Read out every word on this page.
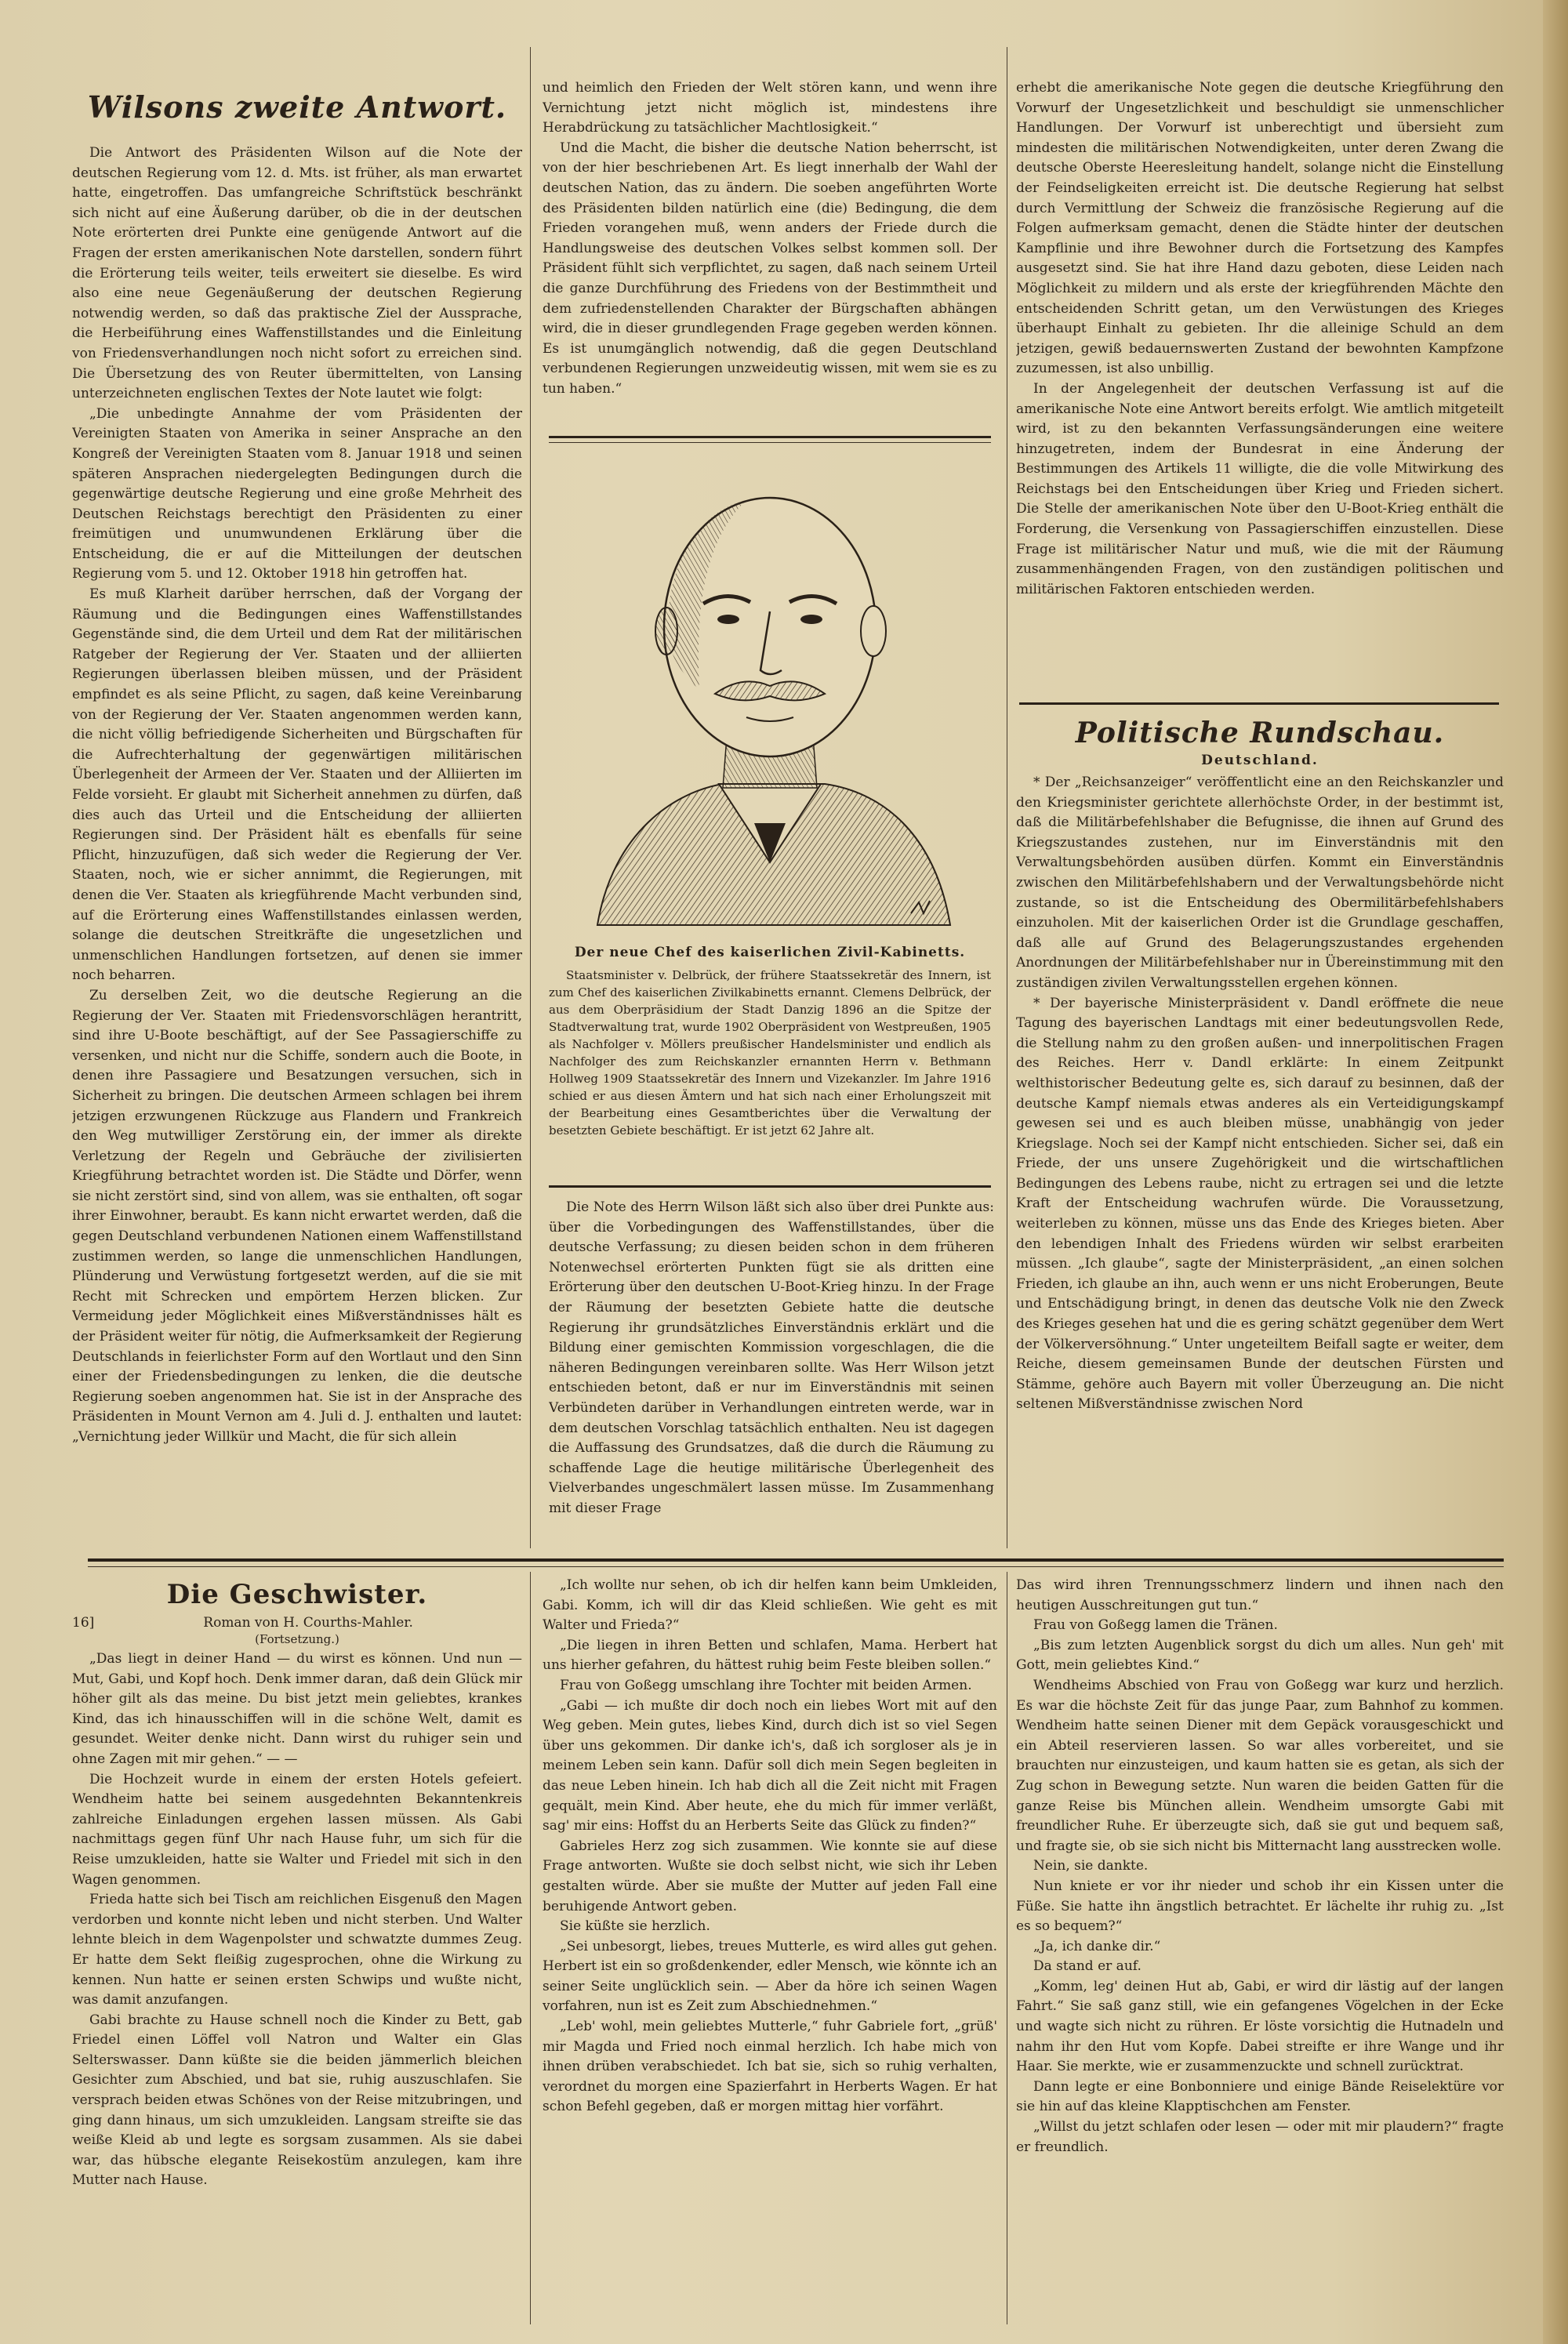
Wilsons zweite Antwort.

Die Antwort des Präsidenten Wilson auf die Note der deutschen Regierung vom 12. d. Mts. ist früher, als man erwartet hatte, eingetroffen. Das umfangreiche Schriftstück beschränkt sich nicht auf eine Äußerung darüber, ob die in der deutschen Note erörterten drei Punkte eine genügende Antwort auf die Fragen der ersten amerikanischen Note darstellen, sondern führt die Erörterung teils weiter, teils erweitert sie dieselbe. Es wird also eine neue Gegenäußerung der deutschen Regierung notwendig werden, so daß das praktische Ziel der Aussprache, die Herbeiführung eines Waffenstillstandes und die Einleitung von Friedensverhandlungen noch nicht sofort zu erreichen sind. Die Übersetzung des von Reuter übermittelten, von Lansing unterzeichneten englischen Textes der Note lautet wie folgt:

„Die unbedingte Annahme der vom Präsidenten der Vereinigten Staaten von Amerika in seiner Ansprache an den Kongreß der Vereinigten Staaten vom 8. Januar 1918 und seinen späteren Ansprachen niedergelegten Bedingungen durch die gegenwärtige deutsche Regierung und eine große Mehrheit des Deutschen Reichstags berechtigt den Präsidenten zu einer freimütigen und unumwundenen Erklärung über die Entscheidung, die er auf die Mitteilungen der deutschen Regierung vom 5. und 12. Oktober 1918 hin getroffen hat.

Es muß Klarheit darüber herrschen, daß der Vorgang der Räumung und die Bedingungen eines Waffenstillstandes Gegenstände sind, die dem Urteil und dem Rat der militärischen Ratgeber der Regierung der Ver. Staaten und der alliierten Regierungen überlassen bleiben müssen, und der Präsident empfindet es als seine Pflicht, zu sagen, daß keine Vereinbarung von der Regierung der Ver. Staaten angenommen werden kann, die nicht völlig befriedigende Sicherheiten und Bürgschaften für die Aufrechterhaltung der gegenwärtigen militärischen Überlegenheit der Armeen der Ver. Staaten und der Alliierten im Felde vorsieht. Er glaubt mit Sicherheit annehmen zu dürfen, daß dies auch das Urteil und die Entscheidung der alliierten Regierungen sind. Der Präsident hält es ebenfalls für seine Pflicht, hinzuzufügen, daß sich weder die Regierung der Ver. Staaten, noch, wie er sicher annimmt, die Regierungen, mit denen die Ver. Staaten als kriegführende Macht verbunden sind, auf die Erörterung eines Waffenstillstandes einlassen werden, solange die deutschen Streitkräfte die ungesetzlichen und unmenschlichen Handlungen fortsetzen, auf denen sie immer noch beharren.

Zu derselben Zeit, wo die deutsche Regierung an die Regierung der Ver. Staaten mit Friedensvorschlägen herantritt, sind ihre U-Boote beschäftigt, auf der See Passagierschiffe zu versenken, und nicht nur die Schiffe, sondern auch die Boote, in denen ihre Passagiere und Besatzungen versuchen, sich in Sicherheit zu bringen. Die deutschen Armeen schlagen bei ihrem jetzigen erzwungenen Rückzuge aus Flandern und Frankreich den Weg mutwilliger Zerstörung ein, der immer als direkte Verletzung der Regeln und Gebräuche der zivilisierten Kriegführung betrachtet worden ist. Die Städte und Dörfer, wenn sie nicht zerstört sind, sind von allem, was sie enthalten, oft sogar ihrer Einwohner, beraubt. Es kann nicht erwartet werden, daß die gegen Deutschland verbundenen Nationen einem Waffenstillstand zustimmen werden, so lange die unmenschlichen Handlungen, Plünderung und Verwüstung fortgesetzt werden, auf die sie mit Recht mit Schrecken und empörtem Herzen blicken. Zur Vermeidung jeder Möglichkeit eines Mißverständnisses hält es der Präsident weiter für nötig, die Aufmerksamkeit der Regierung Deutschlands in feierlichster Form auf den Wortlaut und den Sinn einer der Friedensbedingungen zu lenken, die die deutsche Regierung soeben angenommen hat. Sie ist in der Ansprache des Präsidenten in Mount Vernon am 4. Juli d. J. enthalten und lautet: „Vernichtung jeder Willkür und Macht, die für sich allein

und heimlich den Frieden der Welt stören kann, und wenn ihre Vernichtung jetzt nicht möglich ist, mindestens ihre Herabdrückung zu tatsächlicher Machtlosigkeit.“

Und die Macht, die bisher die deutsche Nation beherrscht, ist von der hier beschriebenen Art. Es liegt innerhalb der Wahl der deutschen Nation, das zu ändern. Die soeben angeführten Worte des Präsidenten bilden natürlich eine (die) Bedingung, die dem Frieden vorangehen muß, wenn anders der Friede durch die Handlungsweise des deutschen Volkes selbst kommen soll. Der Präsident fühlt sich verpflichtet, zu sagen, daß nach seinem Urteil die ganze Durchführung des Friedens von der Bestimmtheit und dem zufriedenstellenden Charakter der Bürgschaften abhängen wird, die in dieser grundlegenden Frage gegeben werden können. Es ist unumgänglich notwendig, daß die gegen Deutschland verbundenen Regierungen unzweideutig wissen, mit wem sie es zu tun haben.“

Der neue Chef des kaiserlichen Zivil-Kabinetts.

Staatsminister v. Delbrück, der frühere Staatssekretär des Innern, ist zum Chef des kaiserlichen Zivilkabinetts ernannt. Clemens Delbrück, der aus dem Oberpräsidium der Stadt Danzig 1896 an die Spitze der Stadtverwaltung trat, wurde 1902 Oberpräsident von Westpreußen, 1905 als Nachfolger v. Möllers preußischer Handelsminister und endlich als Nachfolger des zum Reichskanzler ernannten Herrn v. Bethmann Hollweg 1909 Staatssekretär des Innern und Vizekanzler. Im Jahre 1916 schied er aus diesen Ämtern und hat sich nach einer Erholungszeit mit der Bearbeitung eines Gesamtberichtes über die Verwaltung der besetzten Gebiete beschäftigt. Er ist jetzt 62 Jahre alt.

Die Note des Herrn Wilson läßt sich also über drei Punkte aus: über die Vorbedingungen des Waffenstillstandes, über die deutsche Verfassung; zu diesen beiden schon in dem früheren Notenwechsel erörterten Punkten fügt sie als dritten eine Erörterung über den deutschen U-Boot-Krieg hinzu. In der Frage der Räumung der besetzten Gebiete hatte die deutsche Regierung ihr grundsätzliches Einverständnis erklärt und die Bildung einer gemischten Kommission vorgeschlagen, die die näheren Bedingungen vereinbaren sollte. Was Herr Wilson jetzt entschieden betont, daß er nur im Einverständnis mit seinen Verbündeten darüber in Verhandlungen eintreten werde, war in dem deutschen Vorschlag tatsächlich enthalten. Neu ist dagegen die Auffassung des Grundsatzes, daß die durch die Räumung zu schaffende Lage die heutige militärische Überlegenheit des Vielverbandes ungeschmälert lassen müsse. Im Zusammenhang mit dieser Frage

erhebt die amerikanische Note gegen die deutsche Kriegführung den Vorwurf der Ungesetzlichkeit und beschuldigt sie unmenschlicher Handlungen. Der Vorwurf ist unberechtigt und übersieht zum mindesten die militärischen Notwendigkeiten, unter deren Zwang die deutsche Oberste Heeresleitung handelt, solange nicht die Einstellung der Feindseligkeiten erreicht ist. Die deutsche Regierung hat selbst durch Vermittlung der Schweiz die französische Regierung auf die Folgen aufmerksam gemacht, denen die Städte hinter der deutschen Kampflinie und ihre Bewohner durch die Fortsetzung des Kampfes ausgesetzt sind. Sie hat ihre Hand dazu geboten, diese Leiden nach Möglichkeit zu mildern und als erste der kriegführenden Mächte den entscheidenden Schritt getan, um den Verwüstungen des Krieges überhaupt Einhalt zu gebieten. Ihr die alleinige Schuld an dem jetzigen, gewiß bedauernswerten Zustand der bewohnten Kampfzone zuzumessen, ist also unbillig.

In der Angelegenheit der deutschen Verfassung ist auf die amerikanische Note eine Antwort bereits erfolgt. Wie amtlich mitgeteilt wird, ist zu den bekannten Verfassungsänderungen eine weitere hinzugetreten, indem der Bundesrat in eine Änderung der Bestimmungen des Artikels 11 willigte, die die volle Mitwirkung des Reichstags bei den Entscheidungen über Krieg und Frieden sichert. Die Stelle der amerikanischen Note über den U-Boot-Krieg enthält die Forderung, die Versenkung von Passagierschiffen einzustellen. Diese Frage ist militärischer Natur und muß, wie die mit der Räumung zusammenhängenden Fragen, von den zuständigen politischen und militärischen Faktoren entschieden werden.

Politische Rundschau.
Deutschland.

* Der „Reichsanzeiger“ veröffentlicht eine an den Reichskanzler und den Kriegsminister gerichtete allerhöchste Order, in der bestimmt ist, daß die Militärbefehlshaber die Befugnisse, die ihnen auf Grund des Kriegszustandes zustehen, nur im Einverständnis mit den Verwaltungsbehörden ausüben dürfen. Kommt ein Einverständnis zwischen den Militärbefehlshabern und der Verwaltungsbehörde nicht zustande, so ist die Entscheidung des Obermilitärbefehlshabers einzuholen. Mit der kaiserlichen Order ist die Grundlage geschaffen, daß alle auf Grund des Belagerungszustandes ergehenden Anordnungen der Militärbefehlshaber nur in Übereinstimmung mit den zuständigen zivilen Verwaltungsstellen ergehen können.

* Der bayerische Ministerpräsident v. Dandl eröffnete die neue Tagung des bayerischen Landtags mit einer bedeutungsvollen Rede, die Stellung nahm zu den großen außen- und innerpolitischen Fragen des Reiches. Herr v. Dandl erklärte: In einem Zeitpunkt welthistorischer Bedeutung gelte es, sich darauf zu besinnen, daß der deutsche Kampf niemals etwas anderes als ein Verteidigungskampf gewesen sei und es auch bleiben müsse, unabhängig von jeder Kriegslage. Noch sei der Kampf nicht entschieden. Sicher sei, daß ein Friede, der uns unsere Zugehörigkeit und die wirtschaftlichen Bedingungen des Lebens raube, nicht zu ertragen sei und die letzte Kraft der Entscheidung wachrufen würde. Die Voraussetzung, weiterleben zu können, müsse uns das Ende des Krieges bieten. Aber den lebendigen Inhalt des Friedens würden wir selbst erarbeiten müssen. „Ich glaube“, sagte der Ministerpräsident, „an einen solchen Frieden, ich glaube an ihn, auch wenn er uns nicht Eroberungen, Beute und Entschädigung bringt, in denen das deutsche Volk nie den Zweck des Krieges gesehen hat und die es gering schätzt gegenüber dem Wert der Völkerversöhnung.“ Unter ungeteiltem Beifall sagte er weiter, dem Reiche, diesem gemeinsamen Bunde der deutschen Fürsten und Stämme, gehöre auch Bayern mit voller Überzeugung an. Die nicht seltenen Mißverständnisse zwischen Nord

Die Geschwister.
16]	Roman von H. Courths-Mahler.
(Fortsetzung.)

„Das liegt in deiner Hand — du wirst es können. Und nun — Mut, Gabi, und Kopf hoch. Denk immer daran, daß dein Glück mir höher gilt als das meine. Du bist jetzt mein geliebtes, krankes Kind, das ich hinausschiffen will in die schöne Welt, damit es gesundet. Weiter denke nicht. Dann wirst du ruhiger sein und ohne Zagen mit mir gehen.“ — —

Die Hochzeit wurde in einem der ersten Hotels gefeiert. Wendheim hatte bei seinem ausgedehnten Bekanntenkreis zahlreiche Einladungen ergehen lassen müssen. Als Gabi nachmittags gegen fünf Uhr nach Hause fuhr, um sich für die Reise umzukleiden, hatte sie Walter und Friedel mit sich in den Wagen genommen.

Frieda hatte sich bei Tisch am reichlichen Eisgenuß den Magen verdorben und konnte nicht leben und nicht sterben. Und Walter lehnte bleich in dem Wagenpolster und schwatzte dummes Zeug. Er hatte dem Sekt fleißig zugesprochen, ohne die Wirkung zu kennen. Nun hatte er seinen ersten Schwips und wußte nicht, was damit anzufangen.

Gabi brachte zu Hause schnell noch die Kinder zu Bett, gab Friedel einen Löffel voll Natron und Walter ein Glas Selterswasser. Dann küßte sie die beiden jämmerlich bleichen Gesichter zum Abschied, und bat sie, ruhig auszuschlafen. Sie versprach beiden etwas Schönes von der Reise mitzubringen, und ging dann hinaus, um sich umzukleiden. Langsam streifte sie das weiße Kleid ab und legte es sorgsam zusammen. Als sie dabei war, das hübsche elegante Reisekostüm anzulegen, kam ihre Mutter nach Hause.

„Ich wollte nur sehen, ob ich dir helfen kann beim Umkleiden, Gabi. Komm, ich will dir das Kleid schließen. Wie geht es mit Walter und Frieda?“

„Die liegen in ihren Betten und schlafen, Mama. Herbert hat uns hierher gefahren, du hättest ruhig beim Feste bleiben sollen.“

Frau von Goßegg umschlang ihre Tochter mit beiden Armen.

„Gabi — ich mußte dir doch noch ein liebes Wort mit auf den Weg geben. Mein gutes, liebes Kind, durch dich ist so viel Segen über uns gekommen. Dir danke ich's, daß ich sorgloser als je in meinem Leben sein kann. Dafür soll dich mein Segen begleiten in das neue Leben hinein. Ich hab dich all die Zeit nicht mit Fragen gequält, mein Kind. Aber heute, ehe du mich für immer verläßt, sag' mir eins: Hoffst du an Herberts Seite das Glück zu finden?“

Gabrieles Herz zog sich zusammen. Wie konnte sie auf diese Frage antworten. Wußte sie doch selbst nicht, wie sich ihr Leben gestalten würde. Aber sie mußte der Mutter auf jeden Fall eine beruhigende Antwort geben.

Sie küßte sie herzlich.

„Sei unbesorgt, liebes, treues Mutterle, es wird alles gut gehen. Herbert ist ein so großdenkender, edler Mensch, wie könnte ich an seiner Seite unglücklich sein. — Aber da höre ich seinen Wagen vorfahren, nun ist es Zeit zum Abschiednehmen.“

„Leb' wohl, mein geliebtes Mutterle,“ fuhr Gabriele fort, „grüß' mir Magda und Fried noch einmal herzlich. Ich habe mich von ihnen drüben verabschiedet. Ich bat sie, sich so ruhig verhalten, verordnet du morgen eine Spazierfahrt in Herberts Wagen. Er hat schon Befehl gegeben, daß er morgen mittag hier vorfährt.

Das wird ihren Trennungsschmerz lindern und ihnen nach den heutigen Ausschreitungen gut tun.“

Frau von Goßegg lamen die Tränen.

„Bis zum letzten Augenblick sorgst du dich um alles. Nun geh' mit Gott, mein geliebtes Kind.“

Wendheims Abschied von Frau von Goßegg war kurz und herzlich. Es war die höchste Zeit für das junge Paar, zum Bahnhof zu kommen. Wendheim hatte seinen Diener mit dem Gepäck vorausgeschickt und ein Abteil reservieren lassen. So war alles vorbereitet, und sie brauchten nur einzusteigen, und kaum hatten sie es getan, als sich der Zug schon in Bewegung setzte. Nun waren die beiden Gatten für die ganze Reise bis München allein. Wendheim umsorgte Gabi mit freundlicher Ruhe. Er überzeugte sich, daß sie gut und bequem saß, und fragte sie, ob sie sich nicht bis Mitternacht lang ausstrecken wolle.

Nein, sie dankte.

Nun kniete er vor ihr nieder und schob ihr ein Kissen unter die Füße. Sie hatte ihn ängstlich betrachtet. Er lächelte ihr ruhig zu. „Ist es so bequem?“

„Ja, ich danke dir.“

Da stand er auf.

„Komm, leg' deinen Hut ab, Gabi, er wird dir lästig auf der langen Fahrt.“ Sie saß ganz still, wie ein gefangenes Vögelchen in der Ecke und wagte sich nicht zu rühren. Er löste vorsichtig die Hutnadeln und nahm ihr den Hut vom Kopfe. Dabei streifte er ihre Wange und ihr Haar. Sie merkte, wie er zusammenzuckte und schnell zurücktrat.

Dann legte er eine Bonbonniere und einige Bände Reiselektüre vor sie hin auf das kleine Klapptischchen am Fenster.

„Willst du jetzt schlafen oder lesen — oder mit mir plaudern?“ fragte er freundlich.
